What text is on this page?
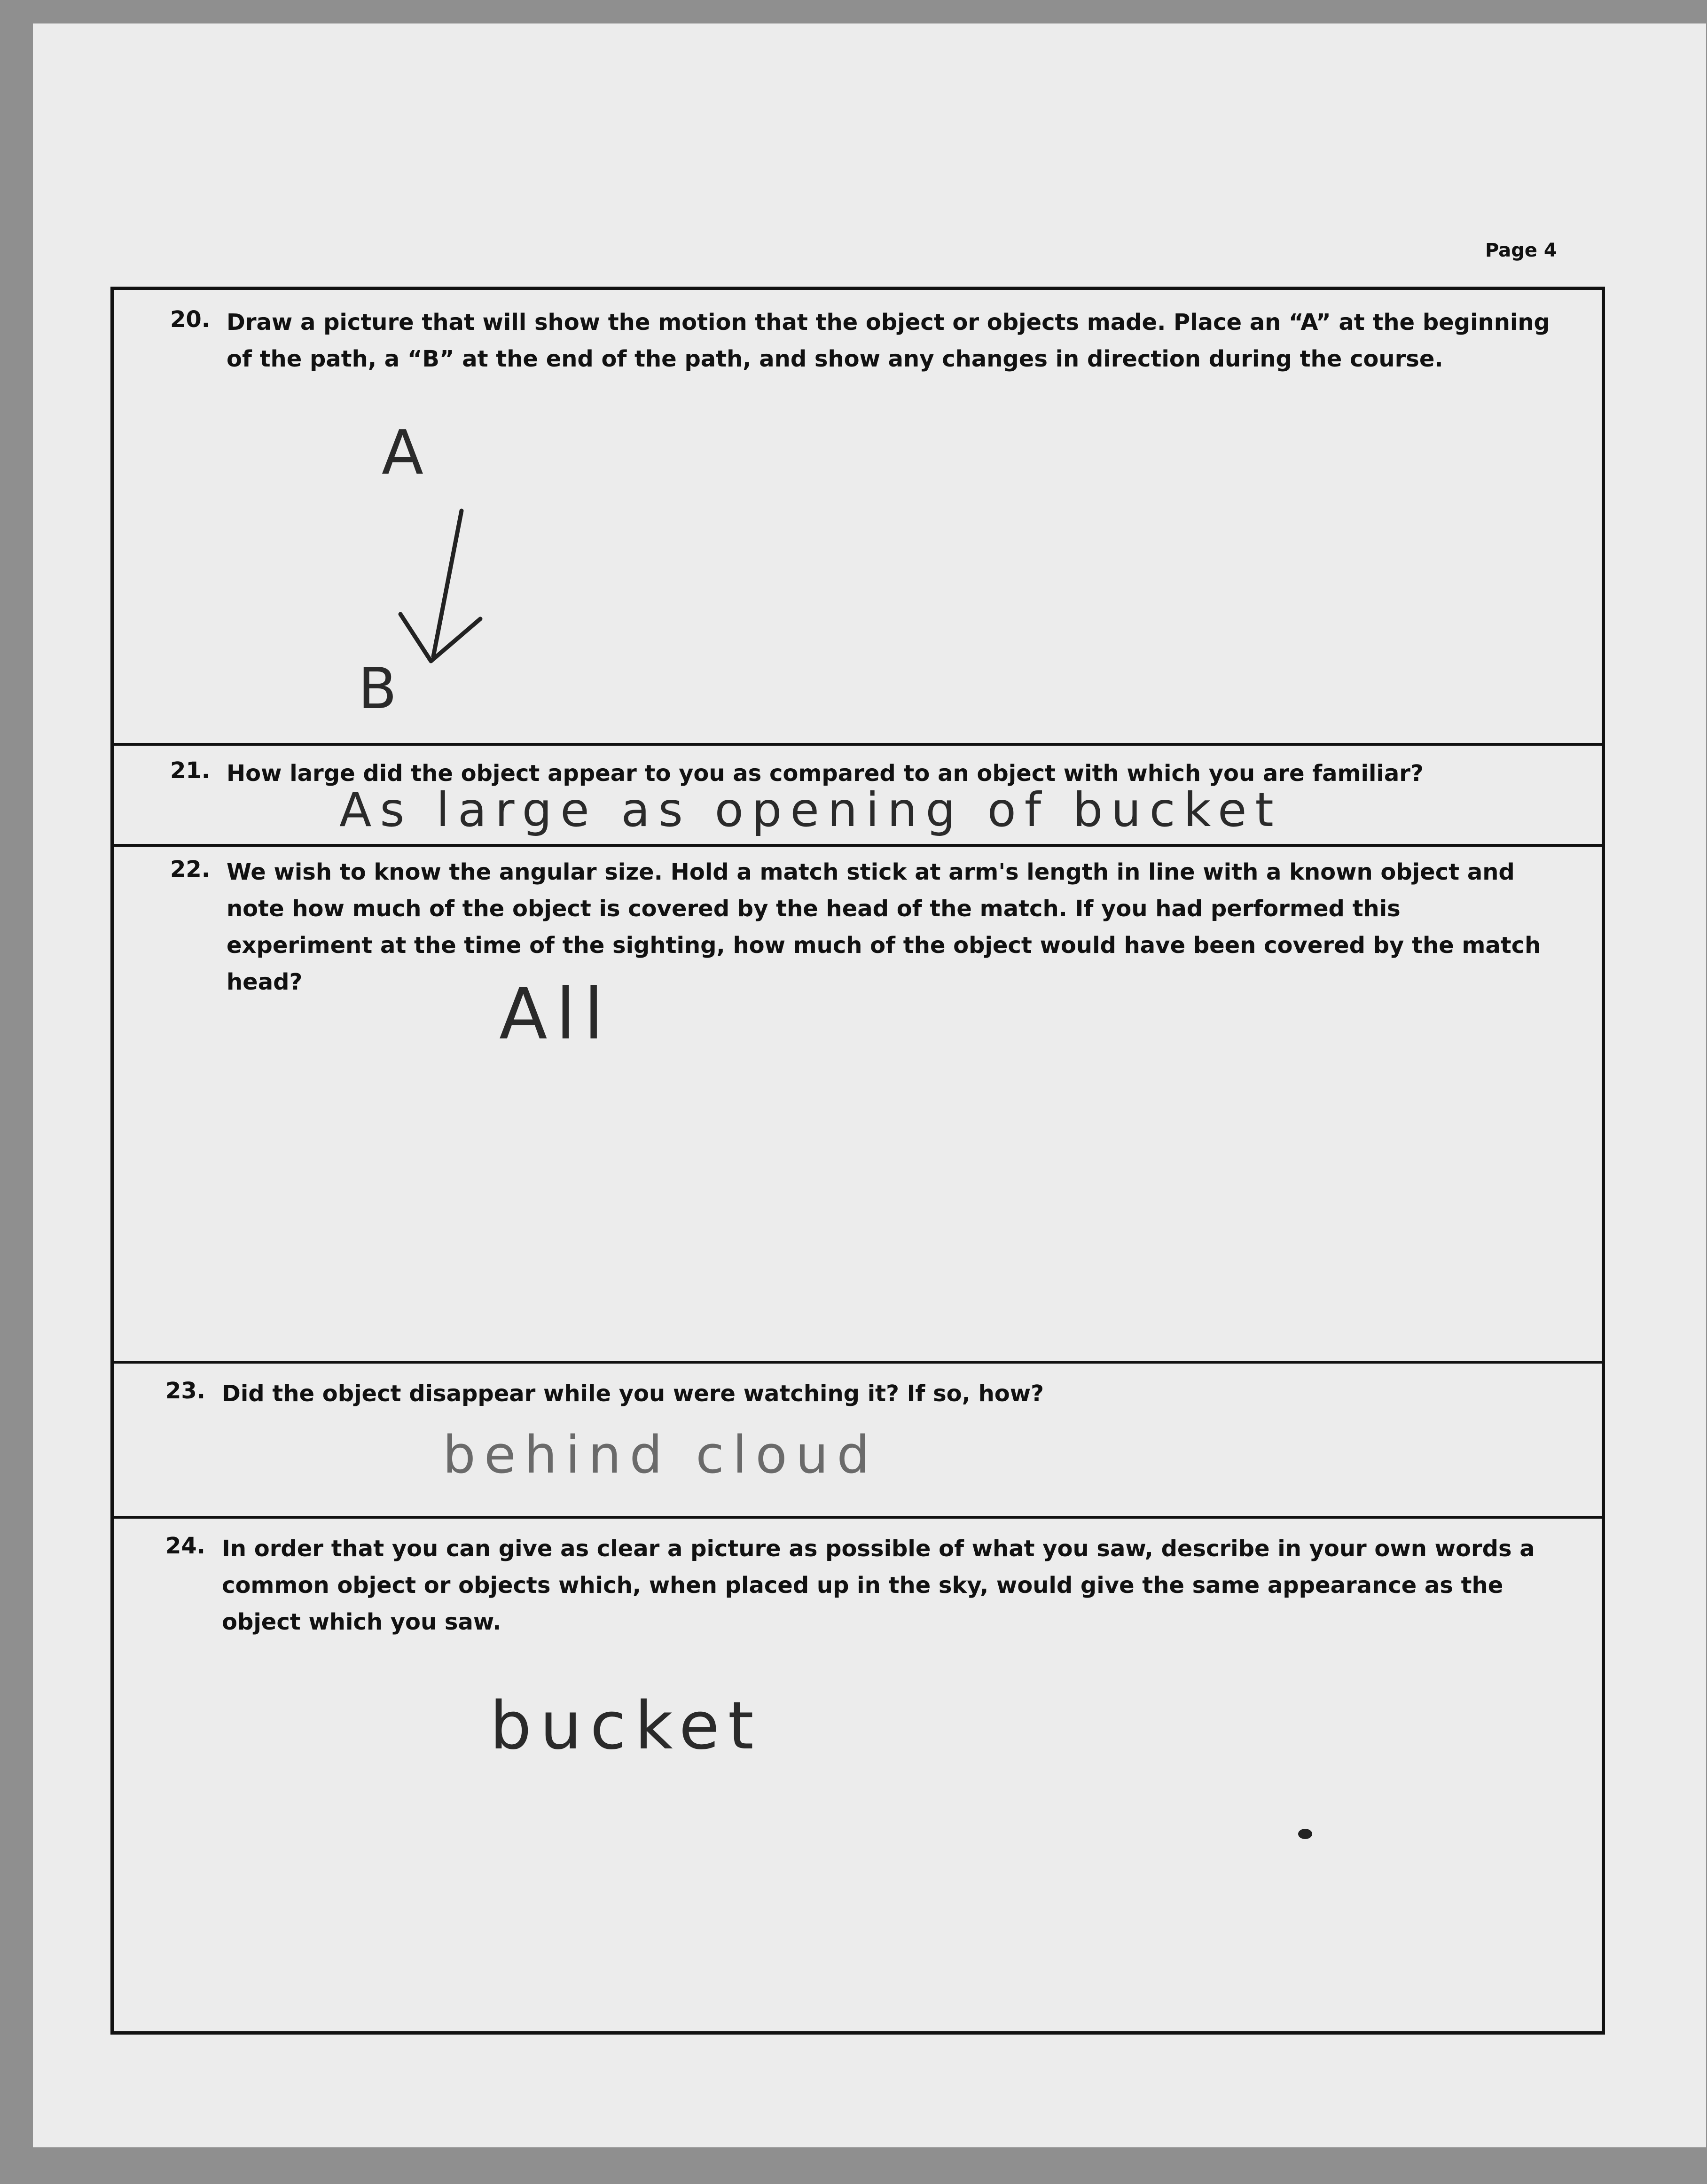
Page 4
20. Draw a picture that will show the motion that the object or objects made. Place an “A” at the beginning of the path, a “B” at the end of the path, and show any changes in direction during the course.
A
B
21. How large did the object appear to you as compared to an object with which you are familiar?
As large as opening of bucket
22. We wish to know the angular size. Hold a match stick at arm's length in line with a known object and note how much of the object is covered by the head of the match. If you had performed this experiment at the time of the sighting, how much of the object would have been covered by the match head?	All
23. Did the object disappear while you were watching it? If so, how?
behind cloud
24. In order that you can give as clear a picture as possible of what you saw, describe in your own words a common object or objects which, when placed up in the sky, would give the same appearance as the object which you saw.
bucket
